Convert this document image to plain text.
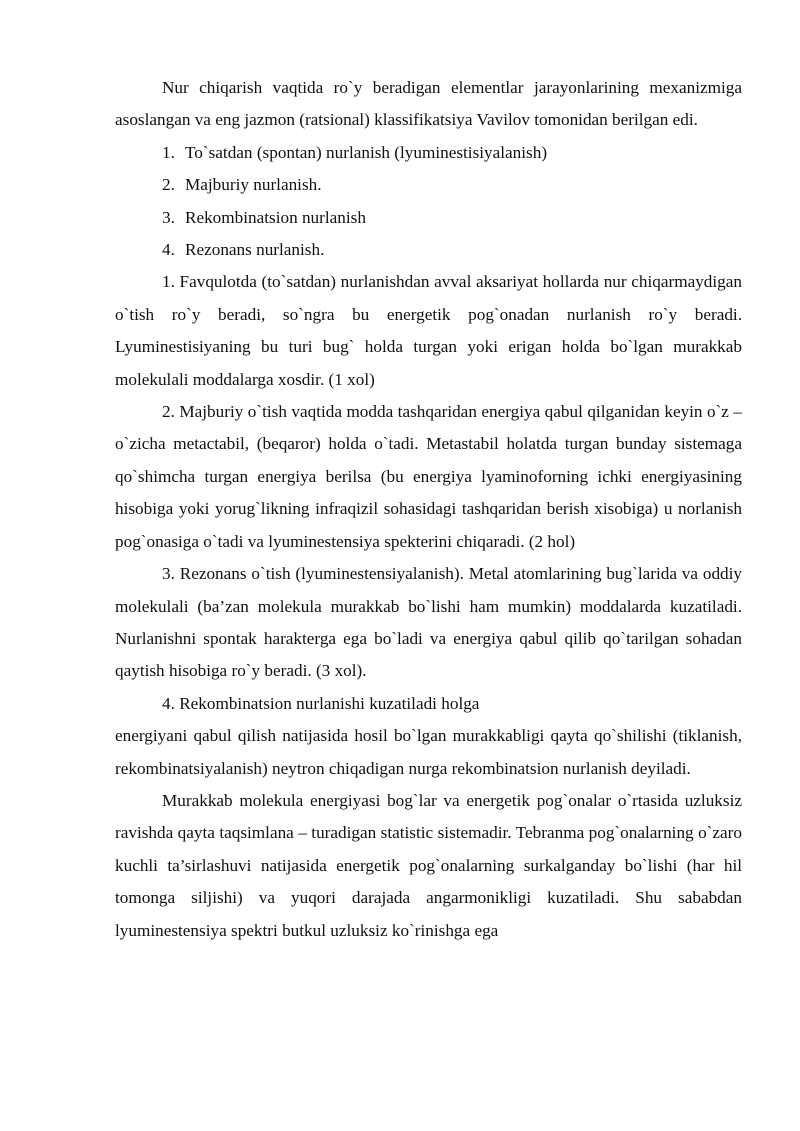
Nur chiqarish vaqtida ro`y beradigan elementlar jarayonlarining mexanizmiga asoslangan va eng jazmon (ratsional) klassifikatsiya Vavilov tomonidan berilgan edi.

1. To`satdan (spontan) nurlanish (lyuminestisiyalanish)
2. Majburiy nurlanish.
3. Rekombinatsion nurlanish
4. Rezonans nurlanish.

1. Favqulotda (to`satdan) nurlanishdan avval aksariyat hollarda nur chiqarmaydigan o`tish ro`y beradi, so`ngra bu energetik pog`onadan nurlanish ro`y beradi. Lyuminestisiyaning bu turi bug` holda turgan yoki erigan holda bo`lgan murakkab molekulali moddalarga xosdir. (1 xol)

2. Majburiy o`tish vaqtida modda tashqaridan energiya qabul qilganidan keyin o`z –o`zicha metactabil, (beqaror) holda o`tadi. Metastabil holatda turgan bunday sistemaga qo`shimcha turgan energiya berilsa (bu energiya lyaminoforning ichki energiyasining hisobiga yoki yorug`likning infraqizil sohasidagi tashqaridan berish xisobiga) u norlanish pog`onasiga o`tadi va lyuminestensiya spekterini chiqaradi. (2 hol)

3. Rezonans o`tish (lyuminestensiyalanish). Metal atomlarining bug`larida va oddiy molekulali (ba’zan molekula murakkab bo`lishi ham mumkin) moddalarda kuzatiladi. Nurlanishni spontak harakterga ega bo`ladi va energiya qabul qilib qo`tarilgan sohadan qaytish hisobiga ro`y beradi. (3 xol).

4. Rekombinatsion nurlanishi kuzatiladi holga

energiyani qabul qilish natijasida hosil bo`lgan murakkabligi qayta qo`shilishi (tiklanish, rekombinatsiyalanish) neytron chiqadigan nurga rekombinatsion nurlanish deyiladi.

Murakkab molekula energiyasi bog`lar va energetik pog`onalar o`rtasida uzluksiz ravishda qayta taqsimlana – turadigan statistic sistemadir. Tebranma pog`onalarning o`zaro kuchli ta’sirlashuvi natijasida energetik pog`onalarning surkalganday bo`lishi (har hil tomonga siljishi) va yuqori darajada angarmonikligi kuzatiladi. Shu sababdan lyuminestensiya spektri butkul uzluksiz ko`rinishga ega
